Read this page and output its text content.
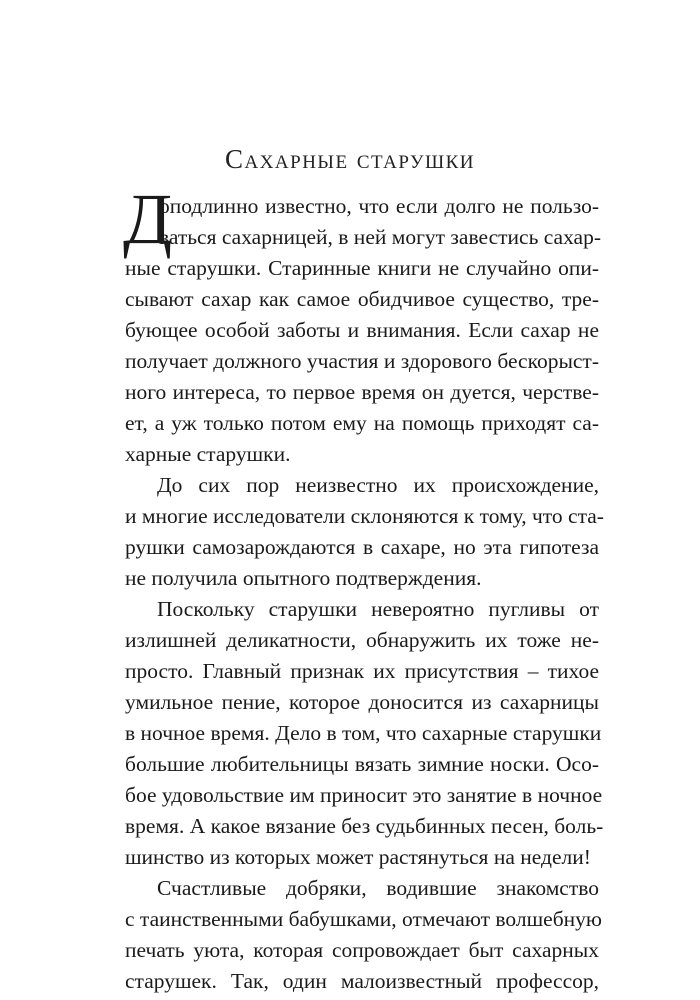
Сахарные старушки
Д
оподлинно известно, что если долго не пользо-
ваться сахарницей, в ней могут завестись сахар-
ные старушки. Старинные книги не случайно опи-
сывают сахар как самое обидчивое существо, тре-
бующее особой заботы и внимания. Если сахар не
получает должного участия и здорового бескорыст-
ного интереса, то первое время он дуется, черстве-
ет, а уж только потом ему на помощь приходят са-
харные старушки.
До сих пор неизвестно их происхождение,
и многие исследователи склоняются к тому, что ста-
рушки самозарождаются в сахаре, но эта гипотеза
не получила опытного подтверждения.
Поскольку старушки невероятно пугливы от
излишней деликатности, обнаружить их тоже не-
просто. Главный признак их присутствия – тихое
умильное пение, которое доносится из сахарницы
в ночное время. Дело в том, что сахарные старушки
большие любительницы вязать зимние носки. Осо-
бое удовольствие им приносит это занятие в ночное
время. А какое вязание без судьбинных песен, боль-
шинство из которых может растянуться на недели!
Счастливые добряки, водившие знакомство
с таинственными бабушками, отмечают волшебную
печать уюта, которая сопровождает быт сахарных
старушек. Так, один малоизвестный профессор,
